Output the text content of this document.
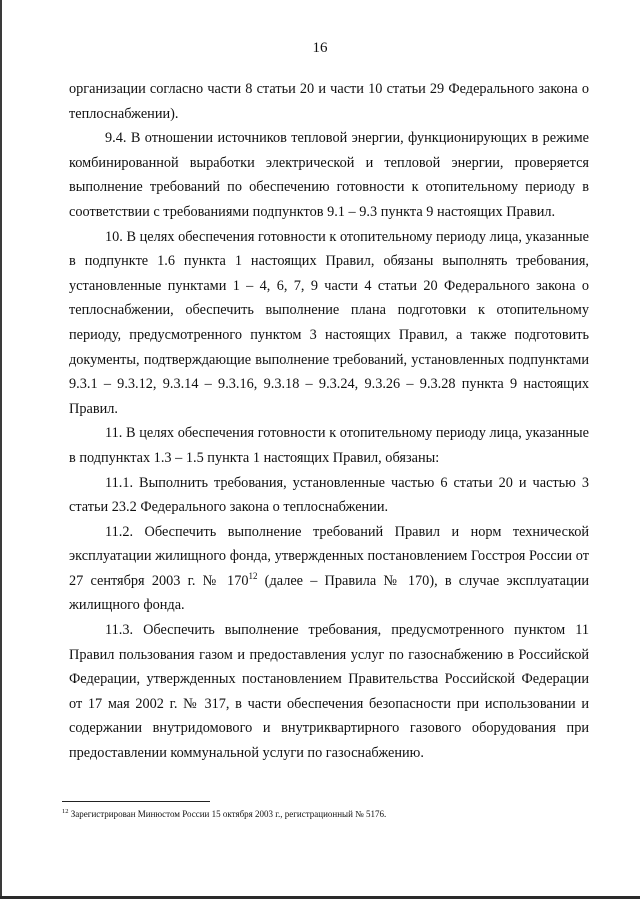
16

организации согласно части 8 статьи 20 и части 10 статьи 29 Федерального закона о теплоснабжении).

9.4. В отношении источников тепловой энергии, функционирующих в режиме комбинированной выработки электрической и тепловой энергии, проверяется выполнение требований по обеспечению готовности к отопительному периоду в соответствии с требованиями подпунктов 9.1 – 9.3 пункта 9 настоящих Правил.

10. В целях обеспечения готовности к отопительному периоду лица, указанные в подпункте 1.6 пункта 1 настоящих Правил, обязаны выполнять требования, установленные пунктами 1 – 4, 6, 7, 9 части 4 статьи 20 Федерального закона о теплоснабжении, обеспечить выполнение плана подготовки к отопительному периоду, предусмотренного пунктом 3 настоящих Правил, а также подготовить документы, подтверждающие выполнение требований, установленных подпунктами 9.3.1 – 9.3.12, 9.3.14 – 9.3.16, 9.3.18 – 9.3.24, 9.3.26 – 9.3.28 пункта 9 настоящих Правил.

11. В целях обеспечения готовности к отопительному периоду лица, указанные в подпунктах 1.3 – 1.5 пункта 1 настоящих Правил, обязаны:

11.1. Выполнить требования, установленные частью 6 статьи 20 и частью 3 статьи 23.2 Федерального закона о теплоснабжении.

11.2. Обеспечить выполнение требований Правил и норм технической эксплуатации жилищного фонда, утвержденных постановлением Госстроя России от 27 сентября 2003 г. № $170^{12}$ (далее – Правила № 170), в случае эксплуатации жилищного фонда.

11.3. Обеспечить выполнение требования, предусмотренного пунктом 11 Правил пользования газом и предоставления услуг по газоснабжению в Российской Федерации, утвержденных постановлением Правительства Российской Федерации от 17 мая 2002 г. № 317, в части обеспечения безопасности при использовании и содержании внутридомового и внутриквартирного газового оборудования при предоставлении коммунальной услуги по газоснабжению.

$^{12}$ Зарегистрирован Минюстом России 15 октября 2003 г., регистрационный № 5176.
